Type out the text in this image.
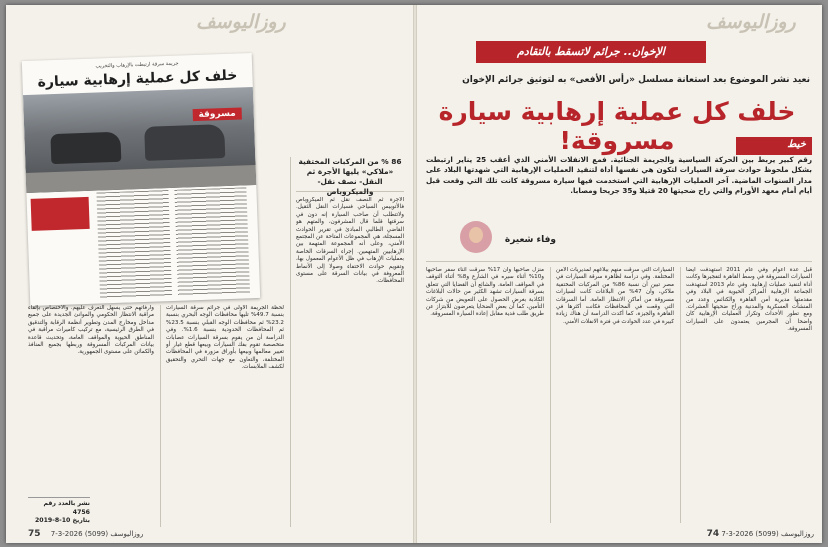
روزاليوسف
جريمة سرقة ارتبطت بالإرهاب والتخريب
خلف كل عملية إرهابية سيارة
مسروقة
86 % من المركبات المختفية
«ملاكي» يليها الأجرة ثم
النقل- نصف نقل- والميكروباص
الأجرة ثم النصف نقل ثم الميكروباص فالأتوبيس السياحي فسيارات النقل الثقيل. ولاتتطلب أن صاحب السيارة إنه دون في سرقتها قلما قال المشرفون، والمتهم هو القاضي الطالبي المبادئ في تقرير الحوادث المسجلة، هي المجموعات المتاحة عن المجتمع الأمني، وعلى أنه المجموعة المتهمة بين الإرهابيين المتهمين. إجراء السرقات الخاصة بعمليات الإرهاب في ظل الأعوام المعمول بها، وتقويم حوادث الاختفاء وصولا إلى الأنماط المعروفة في بيانات السرقة على مستوى المحافظات.
لحظة الجريمة الأولى في جرائم سرقة السيارات بنسبة 49.7% تليها محافظات الوجه البحري بنسبة 23.2% ثم محافظات الوجه القبلي بنسبة 23.5% ثم المحافظات الحدودية بنسبة 1.6%. وفي الدراسة أن من يقوم بسرقة السيارات عصابات متخصصة تقوم بفك السيارات وبيعها قطع غيار أو تغيير معالمها وبيعها بأوراق مزورة في المحافظات المختلفة، والتعاون مع جهات التحري والتحقيق لكشف الملابسات.
وأرفاتهم حتى يسهل التعرف عليهم. والاختصاص بإلقاء مراقبة الانتظار الحكومي والموانئ الجديدة على جميع مداخل ومخارج المدن وتطوير أنظمة الرقابة والتدقيق في الطرق الرئيسية، مع تركيب كاميرات مراقبة في المناطق الحيوية والمواقف العامة، وتحديث قاعدة بيانات المركبات المسروقة وربطها بجميع المنافذ والكمائن على مستوى الجمهورية.
نشر بالعدد رقم 4756
بتاريخ 10-8-2019
75 روزاليوسف (5099) 2026-3-7
روزاليوسف
الإخوان.. جرائم لاتسقط بالتقادم
نعيد نشر الموضوع بعد استعانة مسلسل «رأس الأفعى» به لتوثيق جرائم الإخوان
خلف كل عملية إرهابية سيارة مسروقة!	خيط
رقم كبير يربط بين الحركة السياسية والجريمة الجنائية. فمع الانفلات الأمني الذي أعقب 25 يناير ارتبطت بشكل ملحوظ حوادث سرقة السيارات لتكون هي نفسها أداة لتنفيذ العمليات الإرهابية التي شهدتها البلاد على مدار السنوات الماضية. آخر العمليات الإرهابية التي استخدمت فيها سيارة مسروقة كانت تلك التي وقعت قبل أيام أمام معهد الأورام والتي راح ضحيتها 20 قتيلا و35 جريحا ومصابا.
وفاء شعيرة
قبل عدة أعوام وفي عام 2011 استهدفت أيضا السيارات المسروقة في وسط القاهرة لتفجيرها وكانت أداة لتنفيذ عمليات إرهابية. وفي عام 2013 استهدفت الجماعة الإرهابية المراكز الحيوية في البلاد وفي مقدمتها مديرية أمن القاهرة والكنائس وعدد من المنشآت العسكرية والمدنية وراح ضحيتها العشرات. ومع تطور الأحداث وتكرار العمليات الإرهابية كان واضحا أن المجرمين يعتمدون على السيارات المسروقة.
السيارات التي سرقت منهم ببلاغهم لمديريات الأمن المختلفة. وفي دراسة لظاهرة سرقة السيارات في مصر تبين أن نسبة 86% من المركبات المختفية ملاكي، وأن 47% من البلاغات كانت لسيارات مسروقة من أماكن الانتظار العامة. أما السرقات التي وقعت في المحافظات فكانت أكثرها في القاهرة والجيزة، كما أكدت الدراسة أن هناك زيادة كبيرة في عدد الحوادث في فترة الانفلات الأمني.
منزل صاحبها وأن 17% سرقت أثناء سفر صاحبها و10% أثناء سيره في الشارع و8% أثناء التوقف في المواقف العامة. والشائع أن القضايا التي تتعلق بسرقة السيارات تشهد الكثير من حالات البلاغات الكاذبة بغرض الحصول على التعويض من شركات التأمين، كما أن بعض الضحايا يتعرضون للابتزاز عن طريق طلب فدية مقابل إعادة السيارة المسروقة.
روزاليوسف (5099) 2026-3-7 74
